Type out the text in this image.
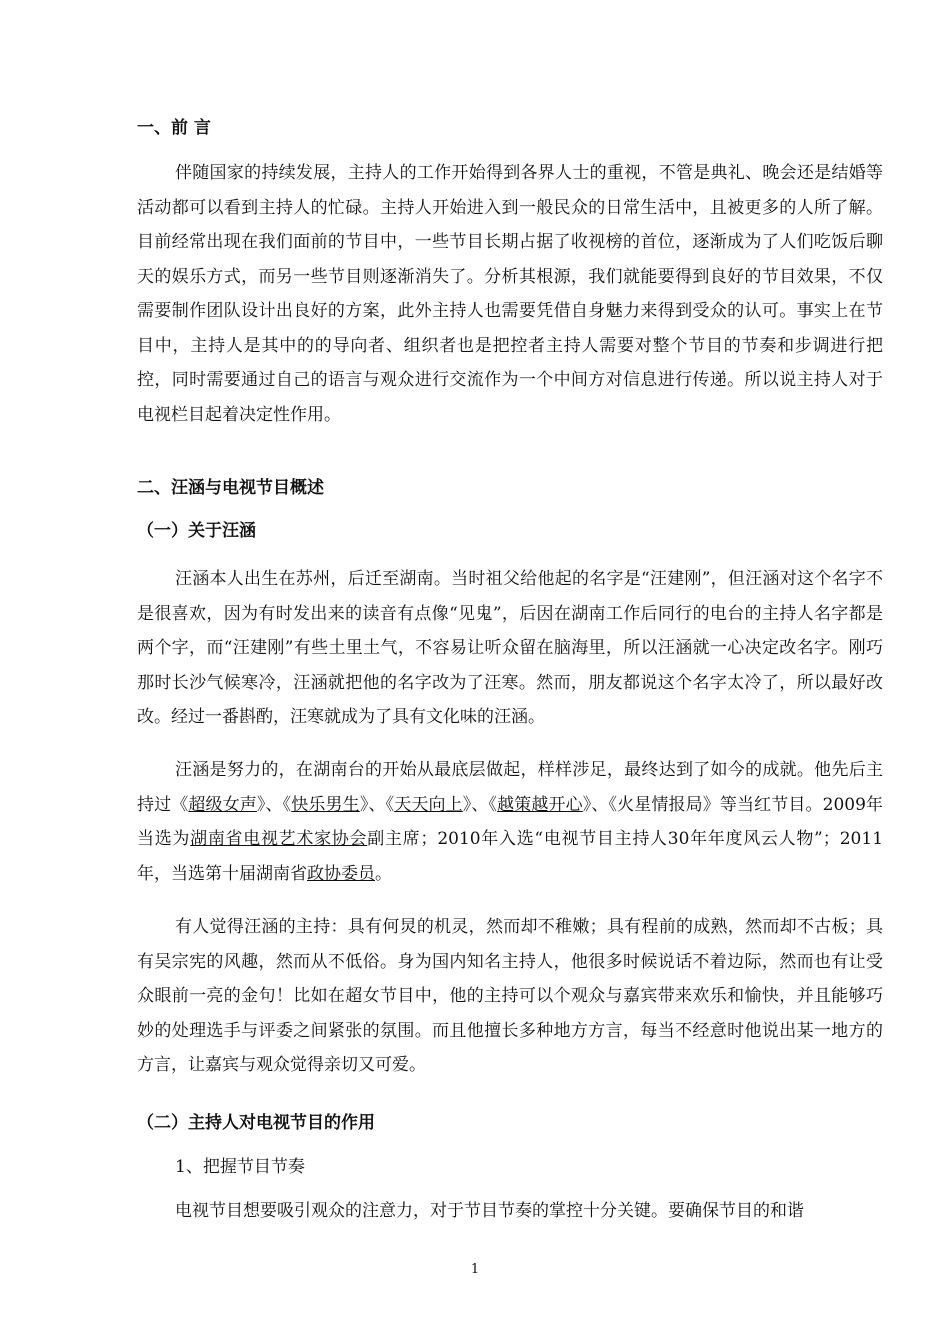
一、前 言
伴随国家的持续发展，主持人的工作开始得到各界人士的重视，不管是典礼、晚会还是结婚等活动都可以看到主持人的忙碌。主持人开始进入到一般民众的日常生活中，且被更多的人所了解。目前经常出现在我们面前的节目中，一些节目长期占据了收视榜的首位，逐渐成为了人们吃饭后聊天的娱乐方式，而另一些节目则逐渐消失了。分析其根源，我们就能要得到良好的节目效果，不仅需要制作团队设计出良好的方案，此外主持人也需要凭借自身魅力来得到受众的认可。事实上在节目中，主持人是其中的的导向者、组织者也是把控者主持人需要对整个节目的节奏和步调进行把控，同时需要通过自己的语言与观众进行交流作为一个中间方对信息进行传递。所以说主持人对于电视栏目起着决定性作用。
二、汪涵与电视节目概述
（一）关于汪涵
汪涵本人出生在苏州，后迁至湖南。当时祖父给他起的名字是“汪建刚”，但汪涵对这个名字不是很喜欢，因为有时发出来的读音有点像“见鬼”，后因在湖南工作后同行的电台的主持人名字都是两个字，而“汪建刚”有些土里土气，不容易让听众留在脑海里，所以汪涵就一心决定改名字。刚巧那时长沙气候寒冷，汪涵就把他的名字改为了汪寒。然而，朋友都说这个名字太冷了，所以最好改改。经过一番斟酌，汪寒就成为了具有文化味的汪涵。
汪涵是努力的，在湖南台的开始从最底层做起，样样涉足，最终达到了如今的成就。他先后主持过《超级女声》、《快乐男生》、《天天向上》、《越策越开心》、《火星情报局》等当红节目。2009年当选为湖南省电视艺术家协会副主席；2010年入选“电视节目主持人30年年度风云人物”；2011年，当选第十届湖南省政协委员。
有人觉得汪涵的主持：具有何炅的机灵，然而却不稚嫩；具有程前的成熟，然而却不古板；具有吴宗宪的风趣，然而从不低俗。身为国内知名主持人，他很多时候说话不着边际，然而也有让受众眼前一亮的金句！比如在超女节目中，他的主持可以个观众与嘉宾带来欢乐和愉快，并且能够巧妙的处理选手与评委之间紧张的氛围。而且他擅长多种地方方言，每当不经意时他说出某一地方的方言，让嘉宾与观众觉得亲切又可爱。
（二）主持人对电视节目的作用
1、把握节目节奏
电视节目想要吸引观众的注意力，对于节目节奏的掌控十分关键。要确保节目的和谐
1
